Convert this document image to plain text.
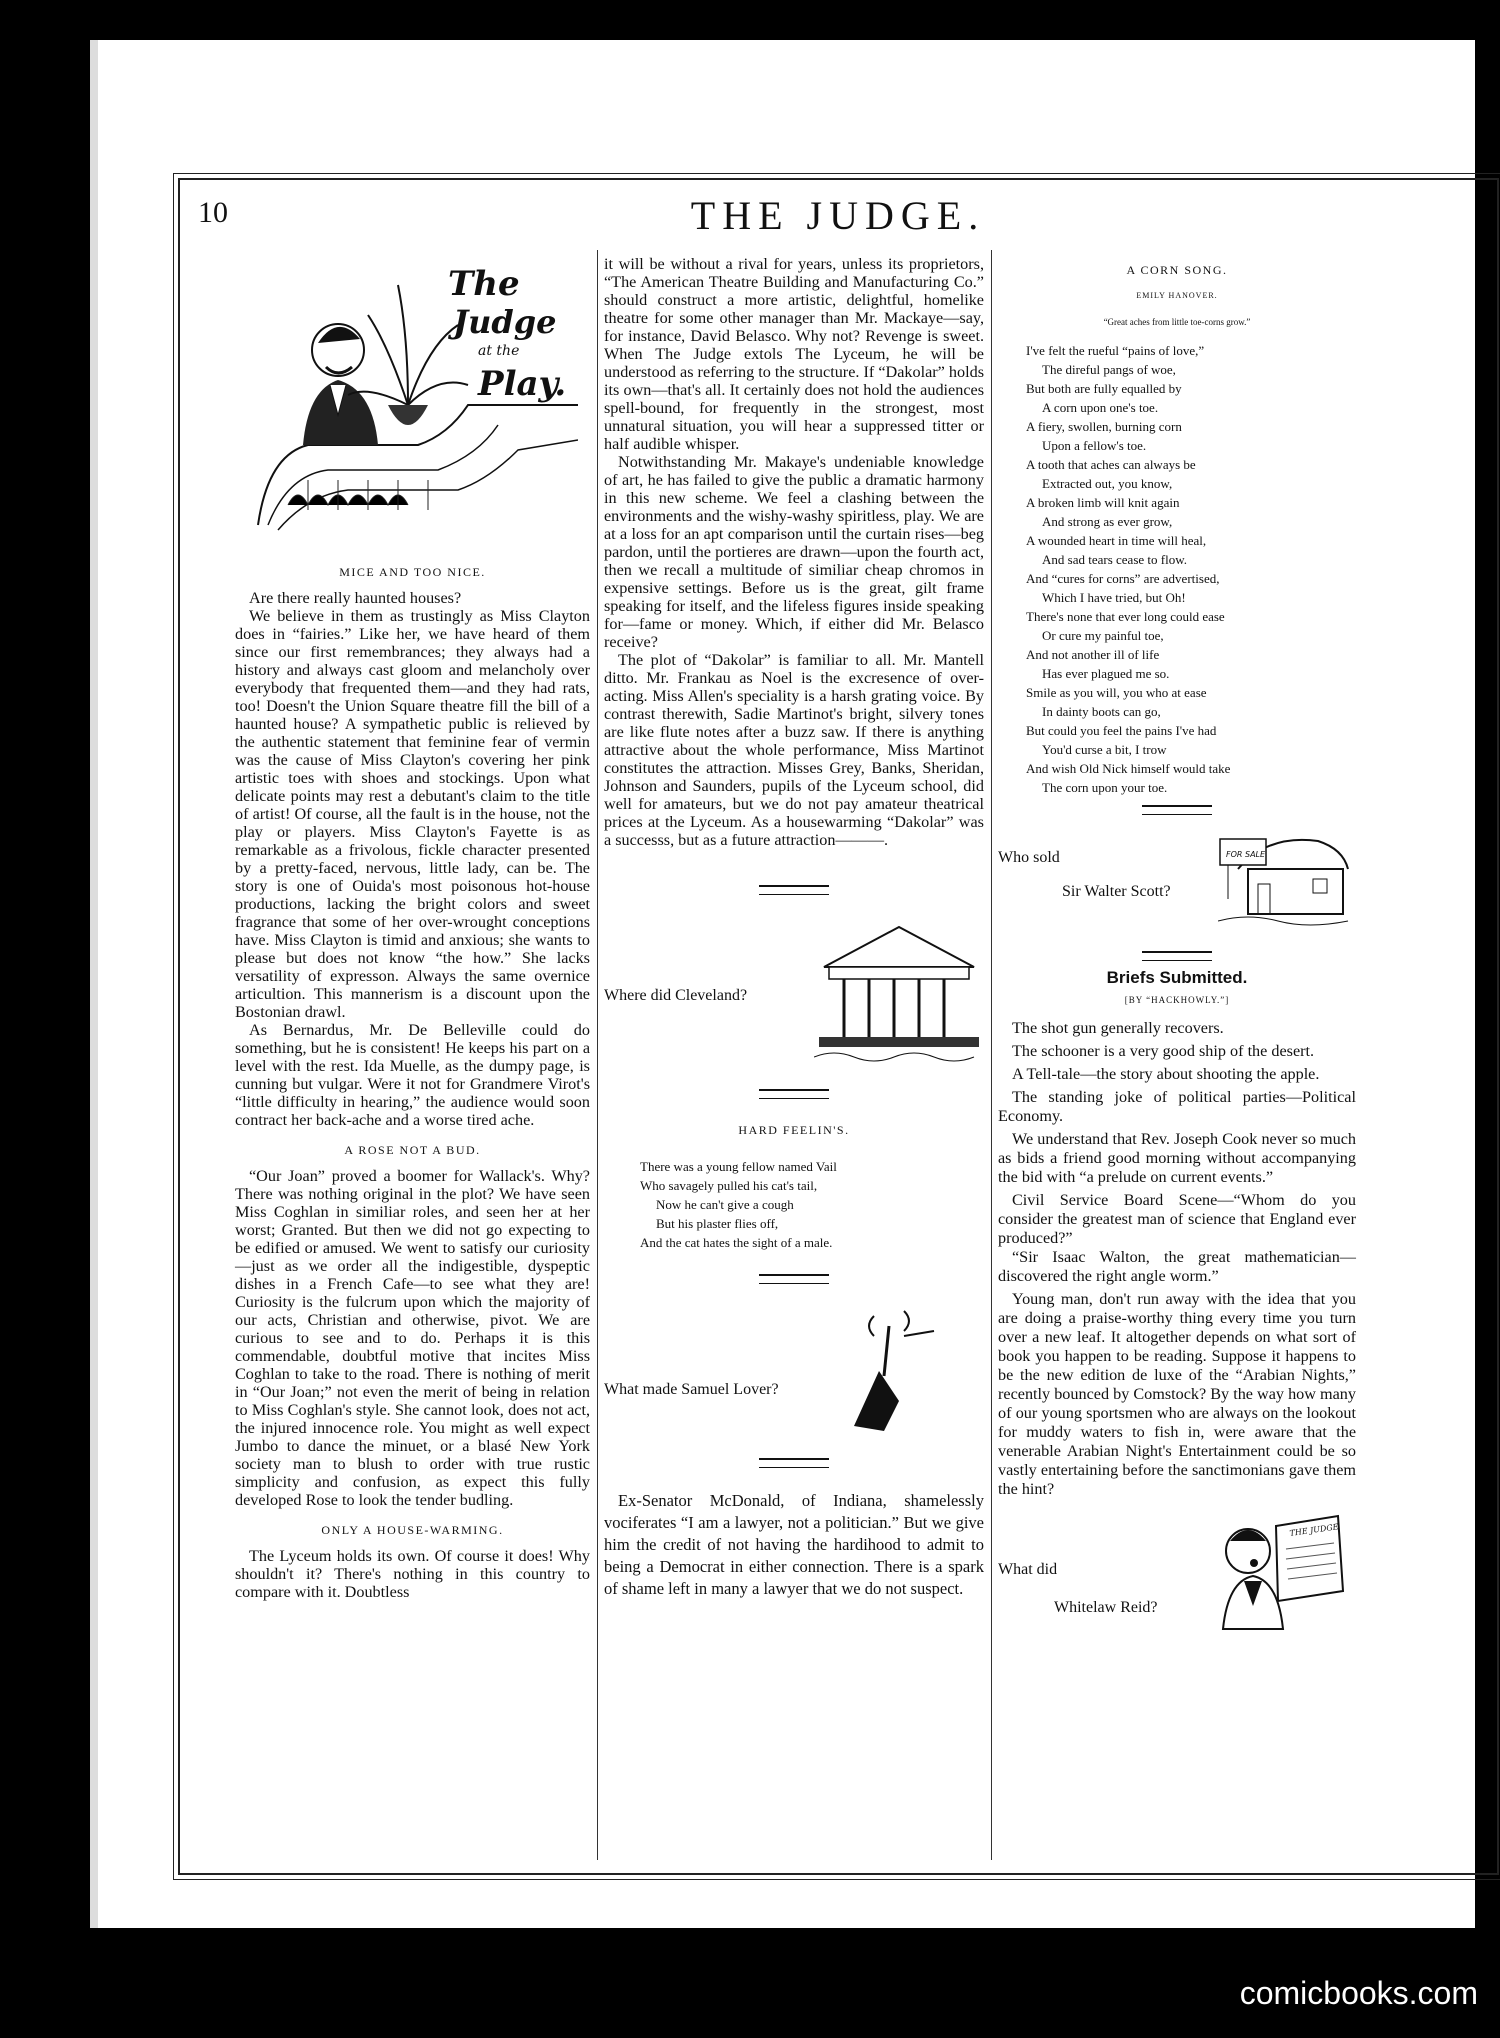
10	THE JUDGE.
The
Judge
at the
Play.
MICE AND TOO NICE.

Are there really haunted houses?

We believe in them as trustingly as Miss Clayton does in “fairies.” Like her, we have heard of them since our first remembrances; they always had a history and always cast gloom and melancholy over everybody that frequented them—and they had rats, too! Doesn't the Union Square theatre fill the bill of a haunted house? A sympathetic public is relieved by the authentic statement that feminine fear of vermin was the cause of Miss Clayton's covering her pink artistic toes with shoes and stockings. Upon what delicate points may rest a debutant's claim to the title of artist! Of course, all the fault is in the house, not the play or players. Miss Clayton's Fayette is as remarkable as a frivolous, fickle character presented by a pretty-faced, nervous, little lady, can be. The story is one of Ouida's most poisonous hot-house productions, lacking the bright colors and sweet fragrance that some of her over-wrought conceptions have. Miss Clayton is timid and anxious; she wants to please but does not know “the how.” She lacks versatility of expresson. Always the same overnice articultion. This mannerism is a discount upon the Bostonian drawl.

As Bernardus, Mr. De Belleville could do something, but he is consistent! He keeps his part on a level with the rest. Ida Muelle, as the dumpy page, is cunning but vulgar. Were it not for Grandmere Virot's “little difficulty in hearing,” the audience would soon contract her back-ache and a worse tired ache.

A ROSE NOT A BUD.

“Our Joan” proved a boomer for Wallack's. Why? There was nothing original in the plot? We have seen Miss Coghlan in similiar roles, and seen her at her worst; Granted. But then we did not go expecting to be edified or amused. We went to satisfy our curiosity—just as we order all the indigestible, dyspeptic dishes in a French Cafe—to see what they are! Curiosity is the fulcrum upon which the majority of our acts, Christian and otherwise, pivot. We are curious to see and to do. Perhaps it is this commendable, doubtful motive that incites Miss Coghlan to take to the road. There is nothing of merit in “Our Joan;” not even the merit of being in relation to Miss Coghlan's style. She cannot look, does not act, the injured innocence role. You might as well expect Jumbo to dance the minuet, or a blasé New York society man to blush to order with true rustic simplicity and confusion, as expect this fully developed Rose to look the tender budling.

ONLY A HOUSE-WARMING.

The Lyceum holds its own. Of course it does! Why shouldn't it? There's nothing in this country to compare with it. Doubtless

it will be without a rival for years, unless its proprietors, “The American Theatre Building and Manufacturing Co.” should construct a more artistic, delightful, homelike theatre for some other manager than Mr. Mackaye—say, for instance, David Belasco. Why not? Revenge is sweet. When The Judge extols The Lyceum, he will be understood as referring to the structure. If “Dakolar” holds its own—that's all. It certainly does not hold the audiences spell-bound, for frequently in the strongest, most unnatural situation, you will hear a suppressed titter or half audible whisper.

Notwithstanding Mr. Makaye's undeniable knowledge of art, he has failed to give the public a dramatic harmony in this new scheme. We feel a clashing between the environments and the wishy-washy spiritless, play. We are at a loss for an apt comparison until the curtain rises—beg pardon, until the portieres are drawn—upon the fourth act, then we recall a multitude of similiar cheap chromos in expensive settings. Before us is the great, gilt frame speaking for itself, and the lifeless figures inside speaking for—fame or money. Which, if either did Mr. Belasco receive?

The plot of “Dakolar” is familiar to all. Mr. Mantell ditto. Mr. Frankau as Noel is the excresence of over-acting. Miss Allen's speciality is a harsh grating voice. By contrast therewith, Sadie Martinot's bright, silvery tones are like flute notes after a buzz saw. If there is anything attractive about the whole performance, Miss Martinot constitutes the attraction. Misses Grey, Banks, Sheridan, Johnson and Saunders, pupils of the Lyceum school, did well for amateurs, but we do not pay amateur theatrical prices at the Lyceum. As a housewarming “Dakolar” was a successs, but as a future attraction———.

Where did Cleveland?
HARD FEELIN'S.
There was a young fellow named Vail
Who savagely pulled his cat's tail,
Now he can't give a cough
But his plaster flies off,
And the cat hates the sight of a male.
What made Samuel Lover?

Ex-Senator McDonald, of Indiana, shamelessly vociferates “I am a lawyer, not a politician.” But we give him the credit of not having the hardihood to admit to being a Democrat in either connection. There is a spark of shame left in many a lawyer that we do not suspect.

A CORN SONG.
EMILY HANOVER.
“Great aches from little toe-corns grow.”
I've felt the rueful “pains of love,”
The direful pangs of woe,
But both are fully equalled by
A corn upon one's toe.
A fiery, swollen, burning corn
Upon a fellow's toe.
A tooth that aches can always be
Extracted out, you know,
A broken limb will knit again
And strong as ever grow,
A wounded heart in time will heal,
And sad tears cease to flow.
And “cures for corns” are advertised,
Which I have tried, but Oh!
There's none that ever long could ease
Or cure my painful toe,
And not another ill of life
Has ever plagued me so.
Smile as you will, you who at ease
In dainty boots can go,
But could you feel the pains I've had
You'd curse a bit, I trow
And wish Old Nick himself would take
The corn upon your toe.
Who sold
Sir Walter Scott?
FOR SALE
Briefs Submitted.
[BY “HACKHOWLY.”]

The shot gun generally recovers.

The schooner is a very good ship of the desert.

A Tell-tale—the story about shooting the apple.

The standing joke of political parties—Political Economy.

We understand that Rev. Joseph Cook never so much as bids a friend good morning without accompanying the bid with “a prelude on current events.”

Civil Service Board Scene—“Whom do you consider the greatest man of science that England ever produced?”

“Sir Isaac Walton, the great mathematician—discovered the right angle worm.”

Young man, don't run away with the idea that you are doing a praise-worthy thing every time you turn over a new leaf. It altogether depends on what sort of book you happen to be reading. Suppose it happens to be the new edition de luxe of the “Arabian Nights,” recently bounced by Comstock? By the way how many of our young sportsmen who are always on the lookout for muddy waters to fish in, were aware that the venerable Arabian Night's Entertainment could be so vastly entertaining before the sanctimonians gave them the hint?

What did
Whitelaw Reid?
THE JUDGE
comicbooks.com
